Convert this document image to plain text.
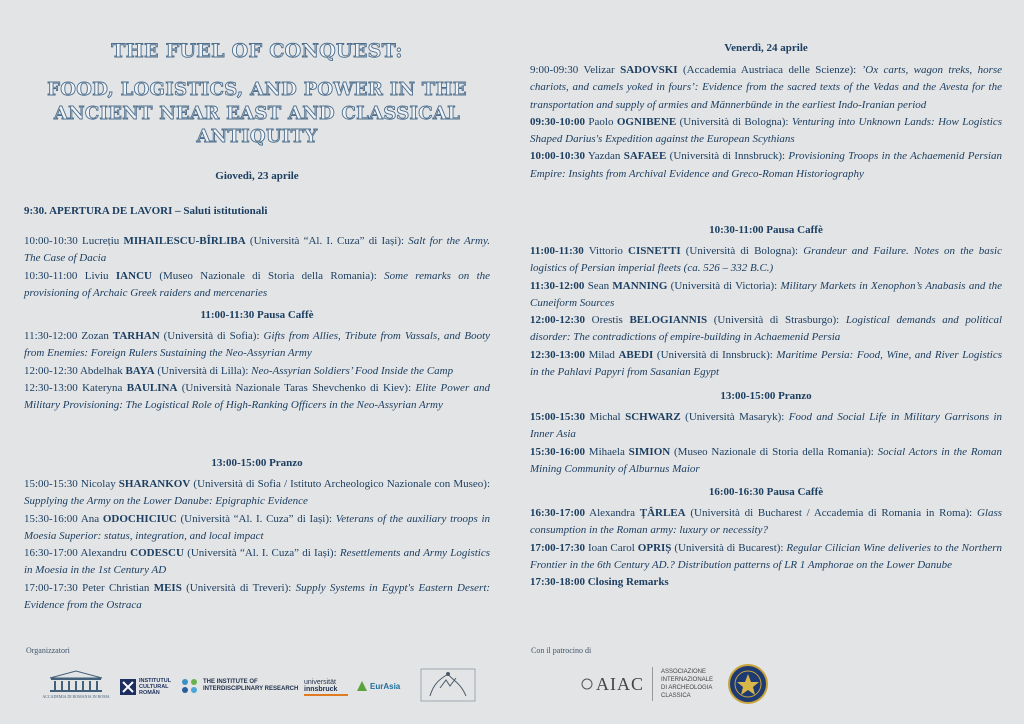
THE FUEL OF CONQUEST:
FOOD, LOGISTICS, AND POWER IN THE
ANCIENT NEAR EAST AND CLASSICAL
ANTIQUITY
Giovedì, 23 aprile

9:30. APERTURA DE LAVORI – Saluti istitutionali

10:00-10:30 Lucrețiu MIHAILESCU-BÎRLIBA (Università “Al. I. Cuza” di Iași): Salt for the Army. The Case of Dacia

10:30-11:00 Liviu IANCU (Museo Nazionale di Storia della Romania): Some remarks on the provisioning of Archaic Greek raiders and mercenaries

11:00-11:30 Pausa Caffè

11:30-12:00 Zozan TARHAN (Università di Sofia): Gifts from Allies, Tribute from Vassals, and Booty from Enemies: Foreign Rulers Sustaining the Neo-Assyrian Army

12:00-12:30 Abdelhak BAYA (Università di Lilla): Neo-Assyrian Soldiers’ Food Inside the Camp

12:30-13:00 Kateryna BAULINA (Università Nazionale Taras Shevchenko di Kiev): Elite Power and Military Provisioning: The Logistical Role of High-Ranking Officers in the Neo-Assyrian Army

13:00-15:00 Pranzo

15:00-15:30 Nicolay SHARANKOV (Università di Sofia / Istituto Archeologico Nazionale con Museo): Supplying the Army on the Lower Danube: Epigraphic Evidence

15:30-16:00 Ana ODOCHICIUC (Università “Al. I. Cuza” di Iași): Veterans of the auxiliary troops in Moesia Superior: status, integration, and local impact

16:30-17:00 Alexandru CODESCU (Università “Al. I. Cuza” di Iași): Resettlements and Army Logistics in Moesia in the 1st Century AD

17:00-17:30 Peter Christian MEIS (Università di Treveri): Supply Systems in Egypt's Eastern Desert: Evidence from the Ostraca

Venerdì, 24 aprile

9:00-09:30 Velizar SADOVSKI (Accademia Austriaca delle Scienze): ’Ox carts, wagon treks, horse chariots, and camels yoked in fours’: Evidence from the sacred texts of the Vedas and the Avesta for the transportation and supply of armies and Männerbünde in the earliest Indo-Iranian period

09:30-10:00 Paolo OGNIBENE (Università di Bologna): Venturing into Unknown Lands: How Logistics Shaped Darius's Expedition against the European Scythians

10:00-10:30 Yazdan SAFAEE (Università di Innsbruck): Provisioning Troops in the Achaemenid Persian Empire: Insights from Archival Evidence and Greco-Roman Historiography

10:30-11:00 Pausa Caffè

11:00-11:30 Vittorio CISNETTI (Università di Bologna): Grandeur and Failure. Notes on the basic logistics of Persian imperial fleets (ca. 526 – 332 B.C.)

11:30-12:00 Sean MANNING (Università di Victoria): Military Markets in Xenophon’s Anabasis and the Cuneiform Sources

12:00-12:30 Orestis BELOGIANNIS (Università di Strasburgo): Logistical demands and political disorder: The contradictions of empire-building in Achaemenid Persia

12:30-13:00 Milad ABEDI (Università di Innsbruck): Maritime Persia: Food, Wine, and River Logistics in the Pahlavi Papyri from Sasanian Egypt

13:00-15:00 Pranzo

15:00-15:30 Michal SCHWARZ (Università Masaryk): Food and Social Life in Military Garrisons in Inner Asia

15:30-16:00 Mihaela SIMION (Museo Nazionale di Storia della Romania): Social Actors in the Roman Mining Community of Alburnus Maior

16:00-16:30 Pausa Caffè

16:30-17:00 Alexandra ȚÂRLEA (Università di Bucharest / Accademia di Romania in Roma): Glass consumption in the Roman army: luxury or necessity?

17:00-17:30 Ioan Carol OPRIȘ (Università di Bucarest): Regular Cilician Wine deliveries to the Northern Frontier in the 6th Century AD.? Distribution patterns of LR 1 Amphorae on the Lower Danube

17:30-18:00 Closing Remarks

Organizzatori	Con il patrocino di
ACCADEMIA DI ROMANIA IN ROMA
INSTITUTUL
CULTURAL
ROMÂN
THE INSTITUTE OF
INTERDISCIPLINARY RESEARCH
universität
innsbruck	EurAsia	AIAC
ASSOCIAZIONE
INTERNAZIONALE
DI ARCHEOLOGIA
CLASSICA
